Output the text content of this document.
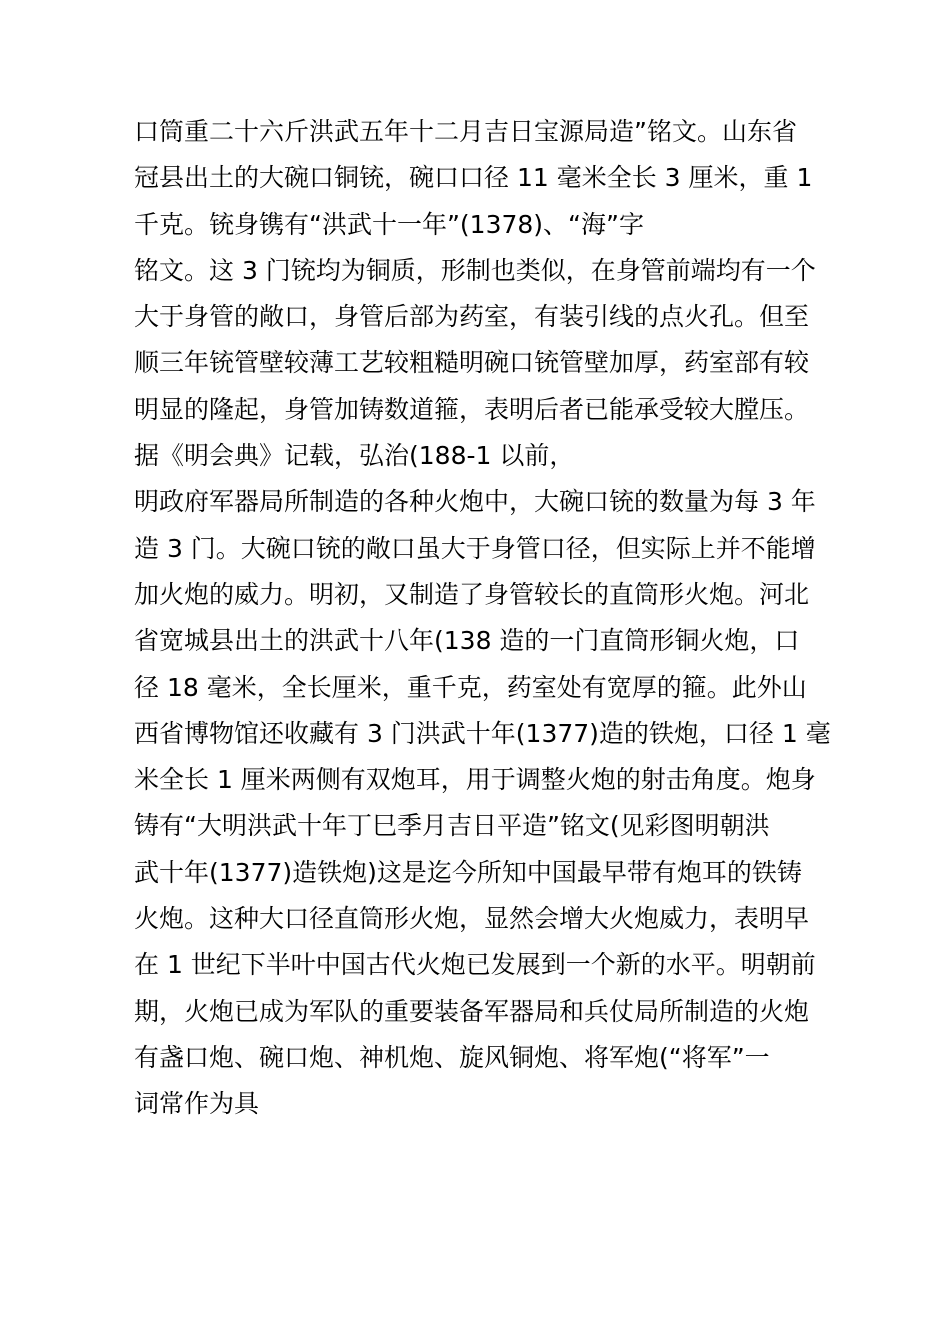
口筒重二十六斤洪武五年十二月吉日宝源局造”铭文。山东省
冠县出土的大碗口铜铳，碗口口径 11 毫米全长 3 厘米，重 1
千克。铳身镌有“洪武十一年”(1378)、“海”字
铭文。这 3 门铳均为铜质，形制也类似，在身管前端均有一个
大于身管的敞口，身管后部为药室，有装引线的点火孔。但至
顺三年铳管壁较薄工艺较粗糙明碗口铳管壁加厚，药室部有较
明显的隆起，身管加铸数道箍，表明后者已能承受较大膛压。
据《明会典》记载，弘治(188-1 以前，
明政府军器局所制造的各种火炮中，大碗口铳的数量为每 3 年
造 3 门。大碗口铳的敞口虽大于身管口径，但实际上并不能增
加火炮的威力。明初，又制造了身管较长的直筒形火炮。河北
省宽城县出土的洪武十八年(138 造的一门直筒形铜火炮，口
径 18 毫米，全长厘米，重千克，药室处有宽厚的箍。此外山
西省博物馆还收藏有 3 门洪武十年(1377)造的铁炮，口径 1 毫
米全长 1 厘米两侧有双炮耳，用于调整火炮的射击角度。炮身
铸有“大明洪武十年丁巳季月吉日平造”铭文(见彩图明朝洪
武十年(1377)造铁炮)这是迄今所知中国最早带有炮耳的铁铸
火炮。这种大口径直筒形火炮，显然会增大火炮威力，表明早
在 1 世纪下半叶中国古代火炮已发展到一个新的水平。明朝前
期，火炮已成为军队的重要装备军器局和兵仗局所制造的火炮
有盏口炮、碗口炮、神机炮、旋风铜炮、将军炮(“将军”一
词常作为具
